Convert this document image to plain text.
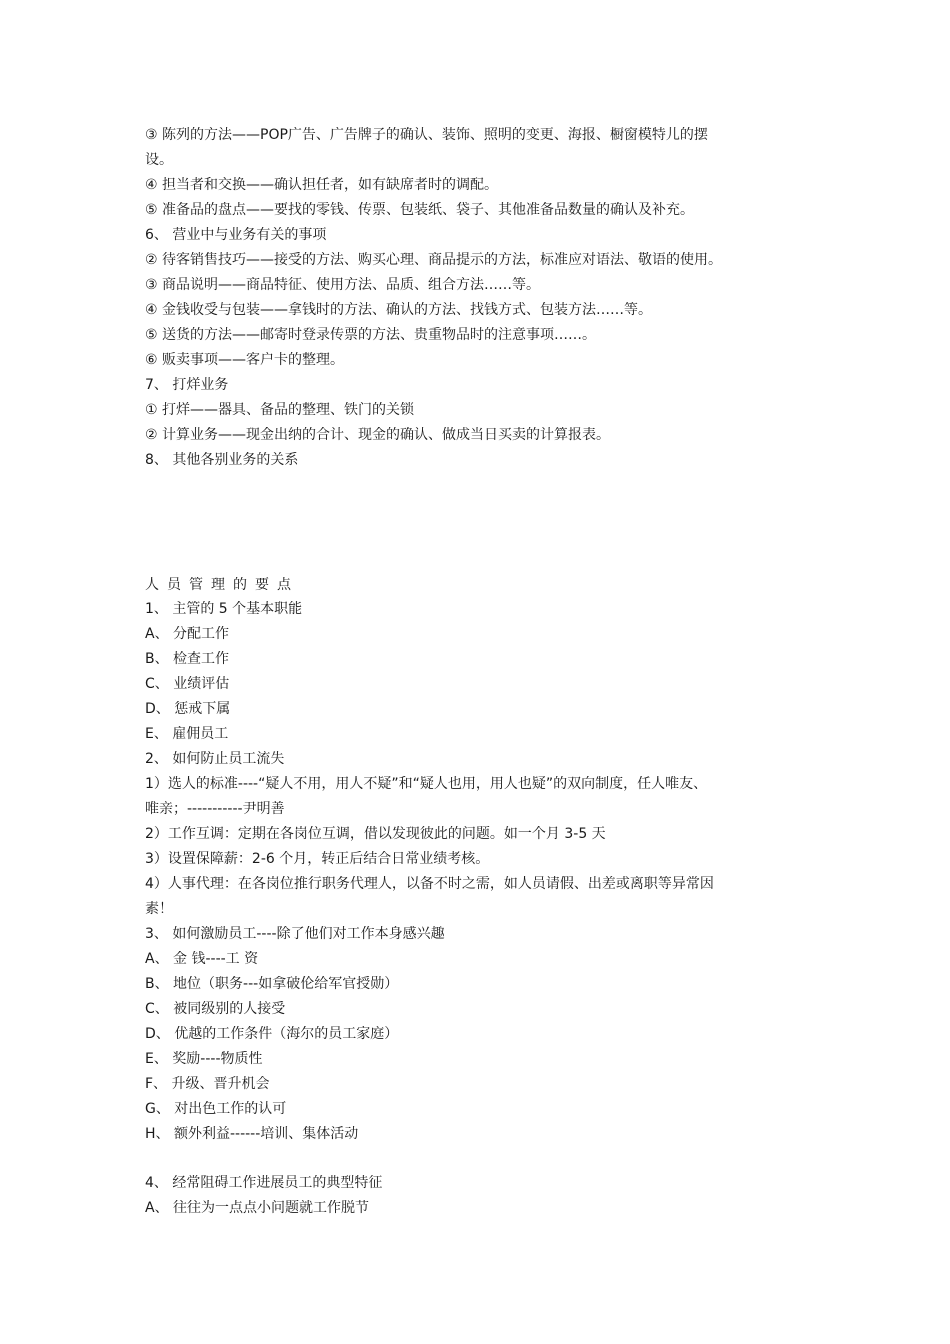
③ 陈列的方法——POP广告、广告牌子的确认、装饰、照明的变更、海报、橱窗模特儿的摆
设。
④ 担当者和交换——确认担任者，如有缺席者时的调配。
⑤ 准备品的盘点——要找的零钱、传票、包装纸、袋子、其他准备品数量的确认及补充。
6、 营业中与业务有关的事项
② 待客销售技巧——接受的方法、购买心理、商品提示的方法，标准应对语法、敬语的使用。
③ 商品说明——商品特征、使用方法、品质、组合方法……等。
④ 金钱收受与包装——拿钱时的方法、确认的方法、找钱方式、包装方法……等。
⑤ 送货的方法——邮寄时登录传票的方法、贵重物品时的注意事项……。
⑥ 贩卖事项——客户卡的整理。
7、 打烊业务
① 打烊——器具、备品的整理、铁门的关锁
② 计算业务——现金出纳的合计、现金的确认、做成当日买卖的计算报表。
8、 其他各别业务的关系
人员管理的要点
1、 主管的 5 个基本职能
A、 分配工作
B、 检查工作
C、 业绩评估
D、 惩戒下属
E、 雇佣员工
2、 如何防止员工流失
1）选人的标准----“疑人不用，用人不疑”和“疑人也用，用人也疑”的双向制度，任人唯友、
唯亲；-----------尹明善
2）工作互调：定期在各岗位互调，借以发现彼此的问题。如一个月 3-5 天
3）设置保障薪：2-6 个月，转正后结合日常业绩考核。
4）人事代理：在各岗位推行职务代理人，以备不时之需，如人员请假、出差或离职等异常因
素！
3、 如何激励员工----除了他们对工作本身感兴趣
A、 金 钱----工 资
B、 地位（职务---如拿破伦给军官授勋）
C、 被同级别的人接受
D、 优越的工作条件（海尔的员工家庭）
E、 奖励----物质性
F、 升级、晋升机会
G、 对出色工作的认可
H、 额外利益------培训、集体活动
4、 经常阻碍工作进展员工的典型特征
A、 往往为一点点小问题就工作脱节
